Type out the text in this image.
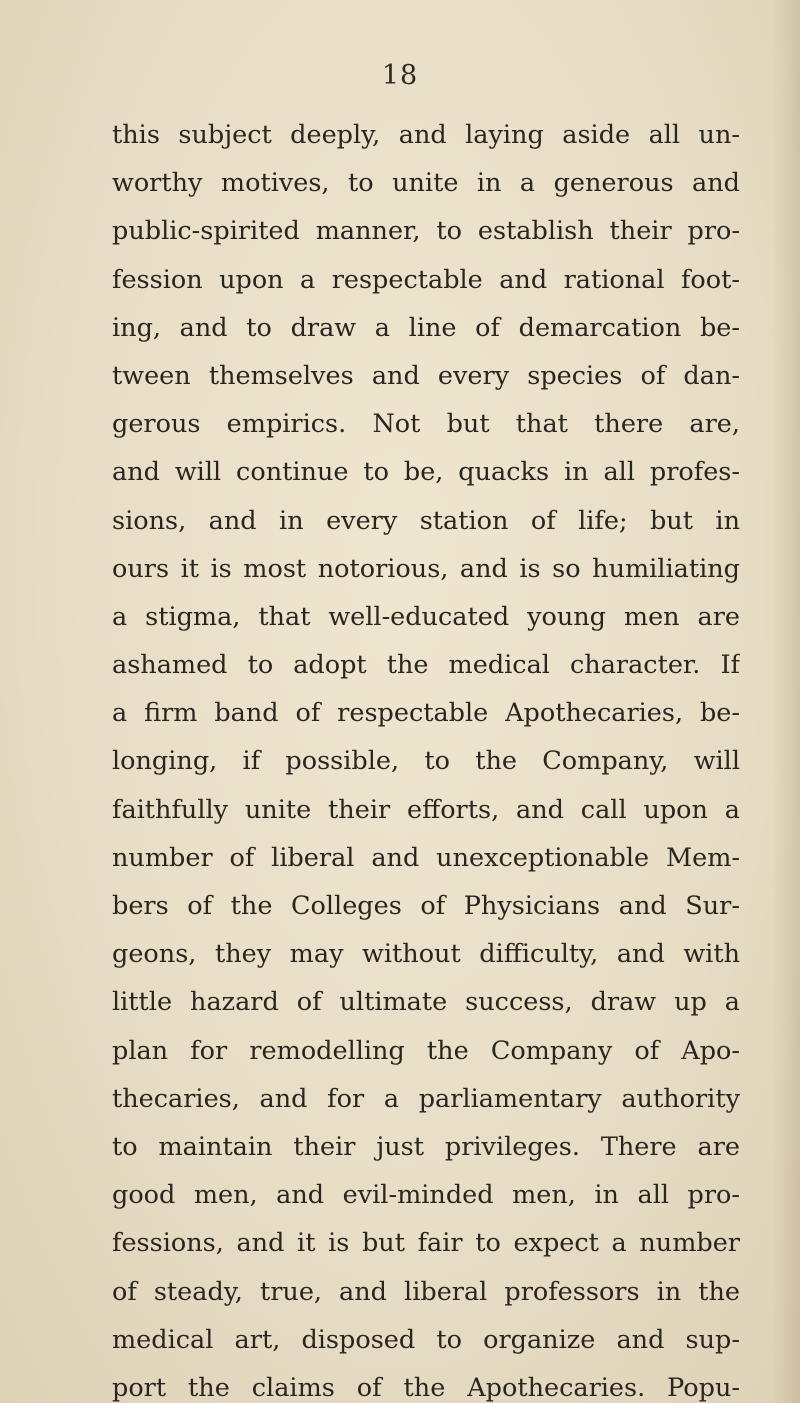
18
this subject deeply, and laying aside all un-
worthy motives, to unite in a generous and
public-spirited manner, to establish their pro-
fession upon a respectable and rational foot-
ing, and to draw a line of demarcation be-
tween themselves and every species of dan-
gerous empirics. Not but that there are,
and will continue to be, quacks in all profes-
sions, and in every station of life; but in
ours it is most notorious, and is so humiliating
a stigma, that well-educated young men are
ashamed to adopt the medical character. If
a firm band of respectable Apothecaries, be-
longing, if possible, to the Company, will
faithfully unite their efforts, and call upon a
number of liberal and unexceptionable Mem-
bers of the Colleges of Physicians and Sur-
geons, they may without difficulty, and with
little hazard of ultimate success, draw up a
plan for remodelling the Company of Apo-
thecaries, and for a parliamentary authority
to maintain their just privileges. There are
good men, and evil-minded men, in all pro-
fessions, and it is but fair to expect a number
of steady, true, and liberal professors in the
medical art, disposed to organize and sup-
port the claims of the Apothecaries. Popu-
